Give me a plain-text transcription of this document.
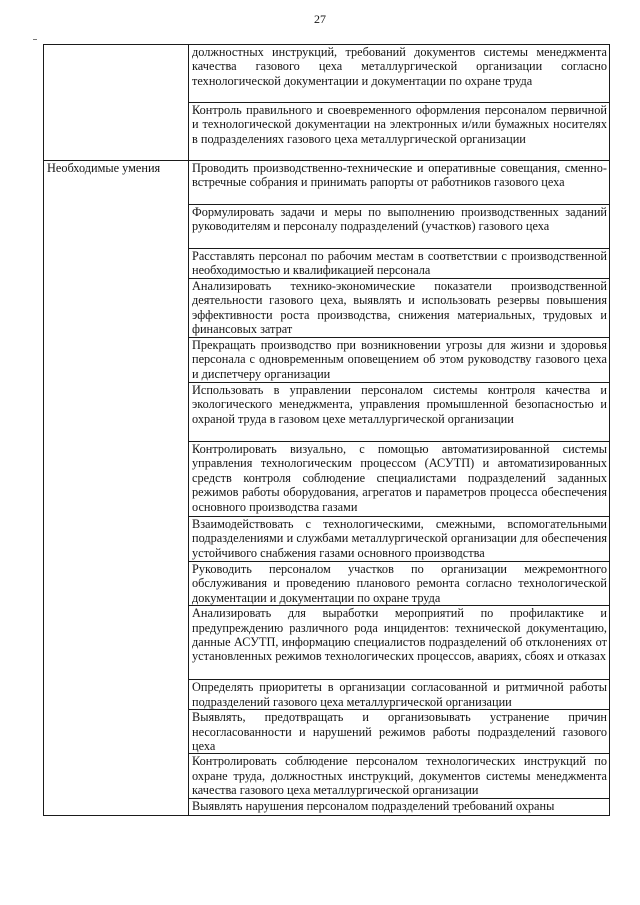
27
	должностных инструкций, требований документов системы менеджмента качества газового цеха металлургической организации согласно технологической документации и документации по охране труда
	Контроль правильного и своевременного оформления персоналом первичной и технологической документации на электронных и/или бумажных носителях в подразделениях газового цеха металлургической организации
Необходимые умения	Проводить производственно-технические и оперативные совещания, сменно-встречные собрания и принимать рапорты от работников газового цеха
	Формулировать задачи и меры по выполнению производственных заданий руководителям и персоналу подразделений (участков) газового цеха
	Расставлять персонал по рабочим местам в соответствии с производственной необходимостью и квалификацией персонала
	Анализировать технико-экономические показатели производственной деятельности газового цеха, выявлять и использовать резервы повышения эффективности роста производства, снижения материальных, трудовых и финансовых затрат
	Прекращать производство при возникновении угрозы для жизни и здоровья персонала с одновременным оповещением об этом руководству газового цеха и диспетчеру организации
	Использовать в управлении персоналом системы контроля качества и экологического менеджмента, управления промышленной безопасностью и охраной труда в газовом цехе металлургической организации
	Контролировать визуально, с помощью автоматизированной системы управления технологическим процессом (АСУТП) и автоматизированных средств контроля соблюдение специалистами подразделений заданных режимов работы оборудования, агрегатов и параметров процесса обеспечения основного производства газами
	Взаимодействовать с технологическими, смежными, вспомогательными подразделениями и службами металлургической организации для обеспечения устойчивого снабжения газами основного производства
	Руководить персоналом участков по организации межремонтного обслуживания и проведению планового ремонта согласно технологической документации и документации по охране труда
	Анализировать для выработки мероприятий по профилактике и предупреждению различного рода инцидентов: технической документацию, данные АСУТП, информацию специалистов подразделений об отклонениях от установленных режимов технологических процессов, авариях, сбоях и отказах
	Определять приоритеты в организации согласованной и ритмичной работы подразделений газового цеха металлургической организации
	Выявлять, предотвращать и организовывать устранение причин несогласованности и нарушений режимов работы подразделений газового цеха
	Контролировать соблюдение персоналом технологических инструкций по охране труда, должностных инструкций, документов системы менеджмента качества газового цеха металлургической организации
	Выявлять нарушения персоналом подразделений требований охраны
